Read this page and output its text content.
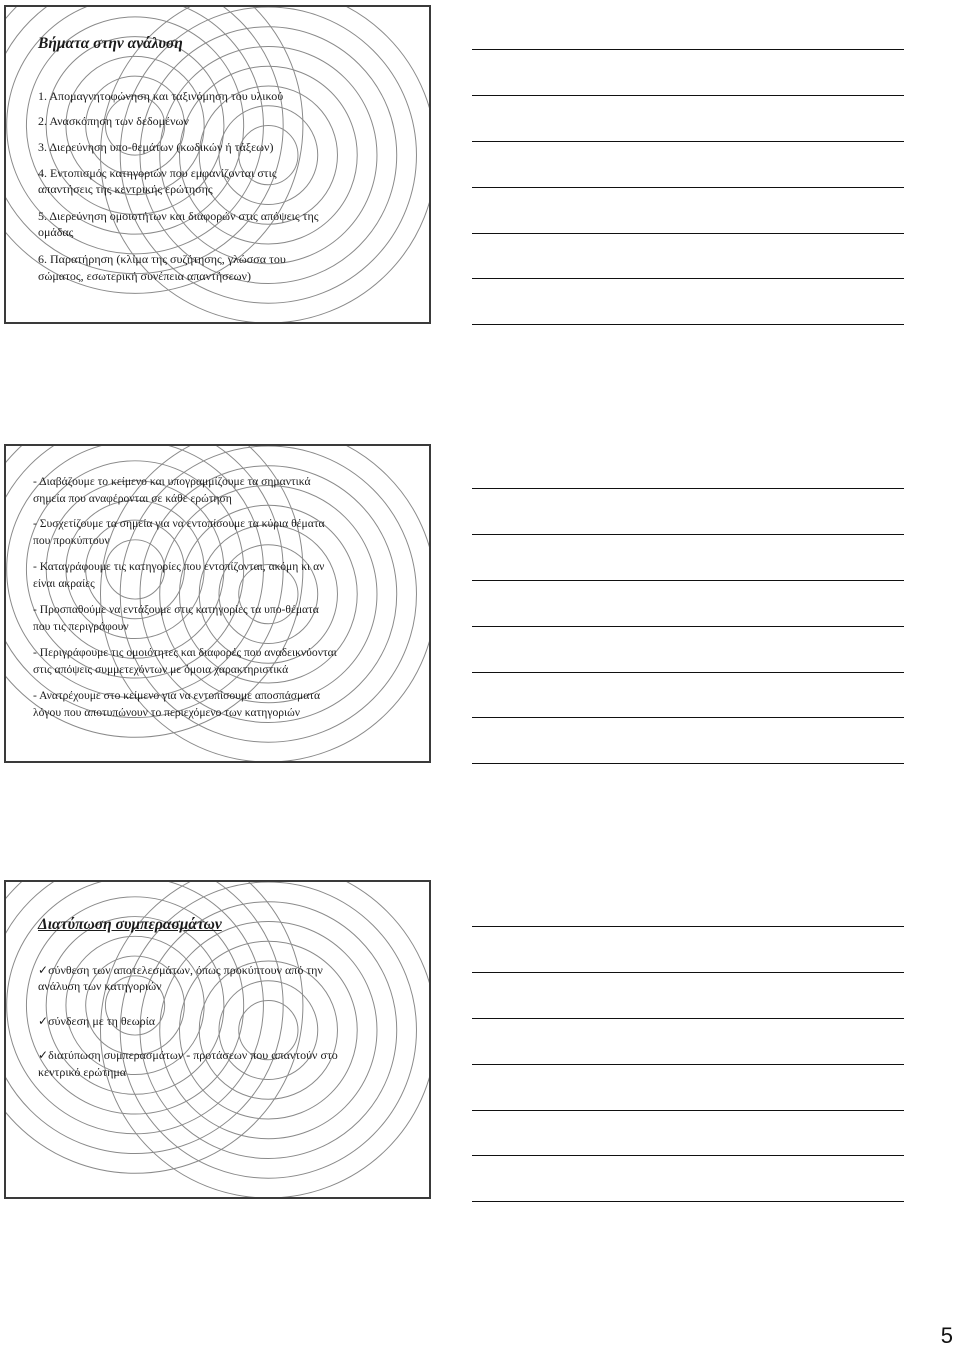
Βήματα στην ανάλυση
1. Απομαγνητοφώνηση και ταξινόμηση του υλικού
2. Ανασκόπηση των δεδομένων
3. Διερεύνηση υπο-θεμάτων (κωδικών ή τάξεων)
4. Εντοπισμός κατηγοριών που εμφανίζονται στις
απαντήσεις της κεντρικής ερώτησης
5. Διερεύνηση ομοιοτήτων και διαφορών στις απόψεις της
ομάδας
6. Παρατήρηση (κλίμα της συζήτησης, γλώσσα του
σώματος, εσωτερική συνέπεια απαντήσεων)
- Διαβάζουμε το κείμενο και υπογραμμίζουμε τα σημαντικά
σημεία που αναφέρονται σε κάθε ερώτηση
- Συσχετίζουμε τα σημεία για να εντοπίσουμε τα κύρια θέματα
που προκύπτουν
- Καταγράφουμε τις κατηγορίες που εντοπίζονται, ακόμη κι αν
είναι ακραίες
- Προσπαθούμε να εντάξουμε στις κατηγορίες τα υπο-θέματα
που τις περιγράφουν
- Περιγράφουμε τις ομοιότητες και διαφορές που αναδεικνύονται
στις απόψεις συμμετεχόντων με όμοια χαρακτηριστικά
- Ανατρέχουμε στο κείμενο για να εντοπίσουμε αποσπάσματα
λόγου που αποτυπώνουν το περιεχόμενο των κατηγοριών
Διατύπωση συμπερασμάτων
✓σύνθεση των αποτελεσμάτων, όπως προκύπτουν από την
ανάλυση των κατηγοριών
✓σύνδεση με τη θεωρία
✓διατύπωση συμπερασμάτων - προτάσεων που απαντούν στο
κεντρικό ερώτημα
5
